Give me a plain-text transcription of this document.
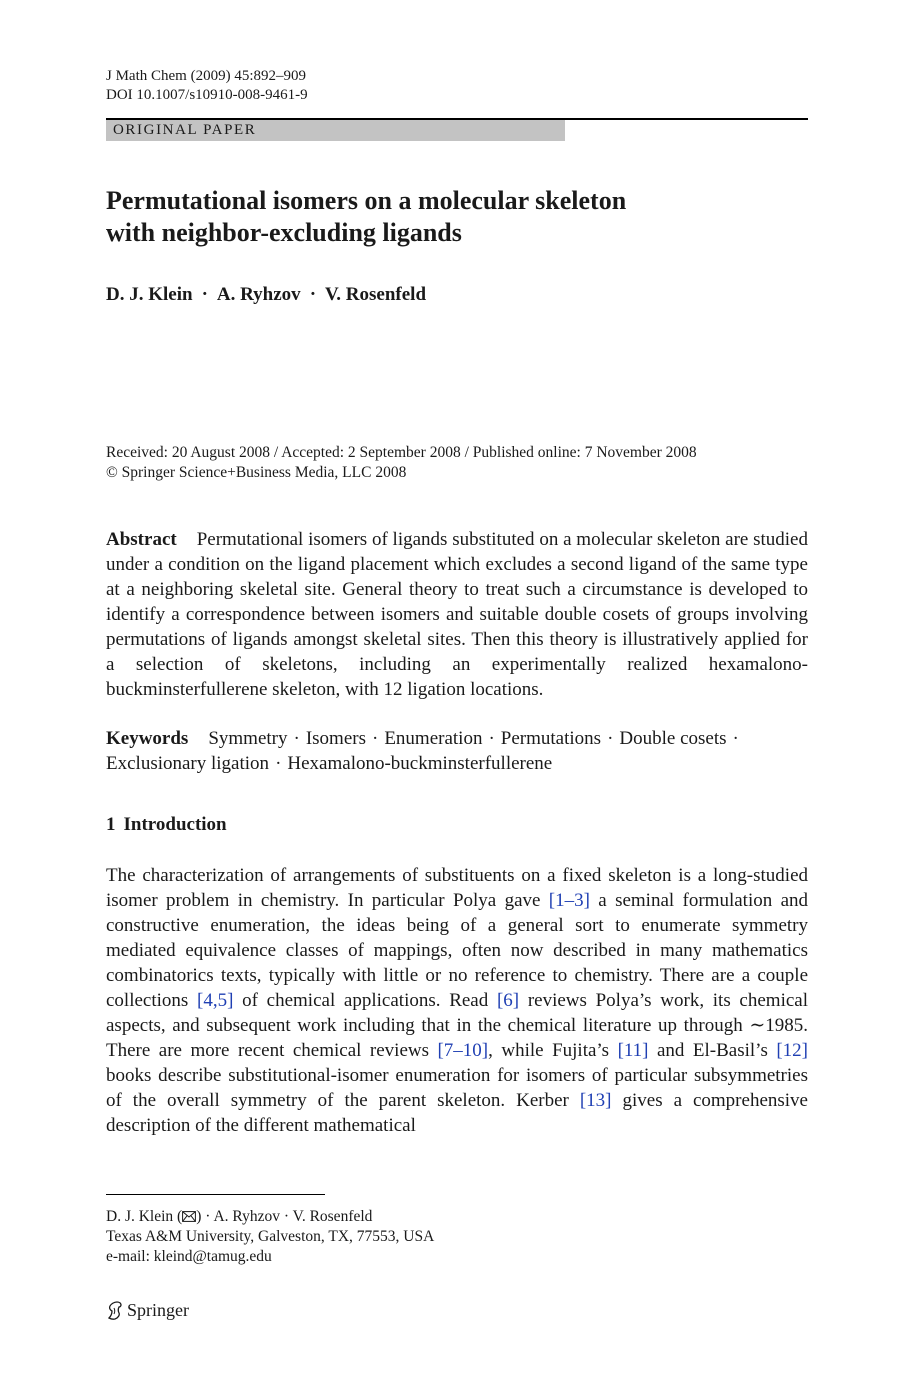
J Math Chem (2009) 45:892–909
DOI 10.1007/s10910-008-9461-9
ORIGINAL PAPER
Permutational isomers on a molecular skeleton
with neighbor-excluding ligands
D. J. Klein · A. Ryhzov · V. Rosenfeld
Received: 20 August 2008 / Accepted: 2 September 2008 / Published online: 7 November 2008
© Springer Science+Business Media, LLC 2008

Abstract Permutational isomers of ligands substituted on a molecular skeleton are studied under a condition on the ligand placement which excludes a second ligand of the same type at a neighboring skeletal site. General theory to treat such a circumstance is developed to identify a correspondence between isomers and suitable double cosets of groups involving permutations of ligands amongst skeletal sites. Then this theory is illustratively applied for a selection of skeletons, including an experimentally realized hexamalono-buckminsterfullerene skeleton, with 12 ligation locations.

Keywords Symmetry · Isomers · Enumeration · Permutations · Double cosets ·
Exclusionary ligation · Hexamalono-buckminsterfullerene

1 Introduction

The characterization of arrangements of substituents on a fixed skeleton is a long-studied isomer problem in chemistry. In particular Polya gave [1–3] a seminal formulation and constructive enumeration, the ideas being of a general sort to enumerate symmetry mediated equivalence classes of mappings, often now described in many mathematics combinatorics texts, typically with little or no reference to chemistry. There are a couple collections [4,5] of chemical applications. Read [6] reviews Polya’s work, its chemical aspects, and subsequent work including that in the chemical literature up through ∼1985. There are more recent chemical reviews [7–10], while Fujita’s [11] and El-Basil’s [12] books describe substitutional-isomer enumeration for isomers of particular subsymmetries of the overall symmetry of the parent skeleton. Kerber [13] gives a comprehensive description of the different mathematical

D. J. Klein ( ) · A. Ryhzov · V. Rosenfeld
Texas A&M University, Galveston, TX, 77553, USA
e-mail: kleind@tamug.edu
Springer
